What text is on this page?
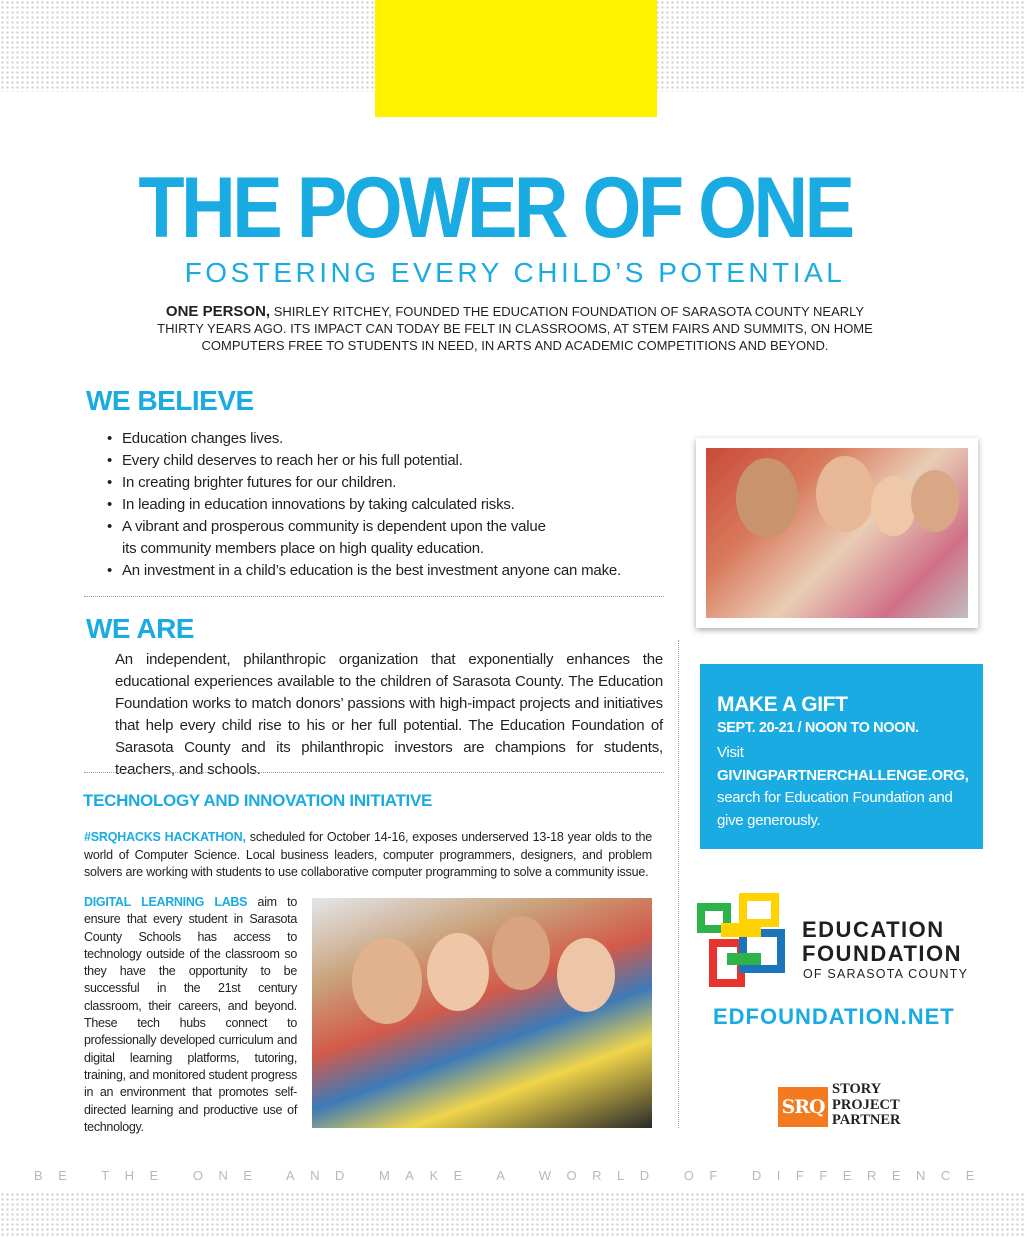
THE POWER OF ONE
FOSTERING EVERY CHILD’S POTENTIAL
ONE PERSON, SHIRLEY RITCHEY, FOUNDED THE EDUCATION FOUNDATION OF SARASOTA COUNTY NEARLY
THIRTY YEARS AGO. ITS IMPACT CAN TODAY BE FELT IN CLASSROOMS, AT STEM FAIRS AND SUMMITS, ON HOME
COMPUTERS FREE TO STUDENTS IN NEED, IN ARTS AND ACADEMIC COMPETITIONS AND BEYOND.
WE BELIEVE
• Education changes lives.
• Every child deserves to reach her or his full potential.
• In creating brighter futures for our children.
• In leading in education innovations by taking calculated risks.
• A vibrant and prosperous community is dependent upon the value its community members place on high quality education.
• An investment in a child’s education is the best investment anyone can make.
WE ARE
An independent, philanthropic organization that exponentially enhances the educational experiences available to the children of Sarasota County. The Education Foundation works to match donors’ passions with high-impact projects and initiatives that help every child rise to his or her full potential. The Education Foundation of Sarasota County and its philanthropic investors are champions for students, teachers, and schools.
TECHNOLOGY AND INNOVATION INITIATIVE
#SRQHACKS HACKATHON, scheduled for October 14-16, exposes underserved 13-18 year olds to the world of Computer Science. Local business leaders, computer programmers, designers, and problem solvers are working with students to use collaborative computer programming to solve a community issue.
DIGITAL LEARNING LABS aim to ensure that every student in Sarasota County Schools has access to technology outside of the classroom so they have the opportunity to be successful in the 21st century classroom, their careers, and beyond. These tech hubs connect to professionally developed curriculum and digital learning platforms, tutoring, training, and monitored student progress in an environment that promotes self-directed learning and productive use of technology.
MAKE A GIFT
SEPT. 20-21 / NOON TO NOON.
Visit GIVINGPARTNERCHALLENGE.ORG, search for Education Foundation and give generously.
EDUCATION
FOUNDATION
OF SARASOTA COUNTY
EDFOUNDATION.NET
SRQ
STORY
PROJECT
PARTNER
BE THE ONE AND MAKE A WORLD OF DIFFERENCE
